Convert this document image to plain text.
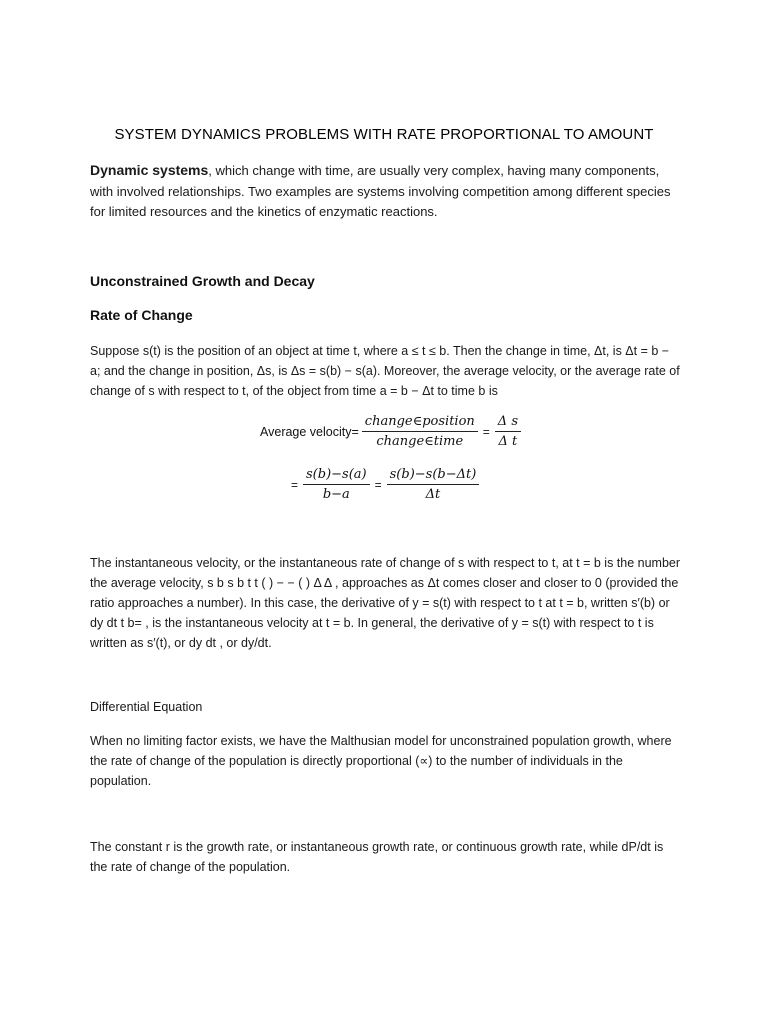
SYSTEM DYNAMICS PROBLEMS WITH RATE PROPORTIONAL TO AMOUNT

Dynamic systems, which change with time, are usually very complex, having many components, with involved relationships. Two examples are systems involving competition among different species for limited resources and the kinetics of enzymatic reactions.

Unconstrained Growth and Decay
Rate of Change

Suppose s(t) is the position of an object at time t, where a ≤ t ≤ b. Then the change in time, Δt, is Δt = b − a; and the change in position, Δs, is Δs = s(b) − s(a). Moreover, the average velocity, or the average rate of change of s with respect to t, of the object from time a = b − Δt to time b is

Average velocity= $\frac{\text{change∈position}}{\text{change∈time}} = \frac{\text{Δ s}}{\text{Δ t}}$
= $\frac{s(b)-s(a)}{b-a} = \frac{s(b)-s(b-\Delta t)}{\Delta t}$

The instantaneous velocity, or the instantaneous rate of change of s with respect to t, at t = b is the number the average velocity, s b s b t t ( ) − − ( ) Δ Δ , approaches as Δt comes closer and closer to 0 (provided the ratio approaches a number). In this case, the derivative of y = s(t) with respect to t at t = b, written s′(b) or dy dt t b= , is the instantaneous velocity at t = b. In general, the derivative of y = s(t) with respect to t is written as s′(t), or dy dt , or dy/dt.

Differential Equation

When no limiting factor exists, we have the Malthusian model for unconstrained population growth, where the rate of change of the population is directly proportional (∝) to the number of individuals in the population.

The constant r is the growth rate, or instantaneous growth rate, or continuous growth rate, while dP/dt is the rate of change of the population.
